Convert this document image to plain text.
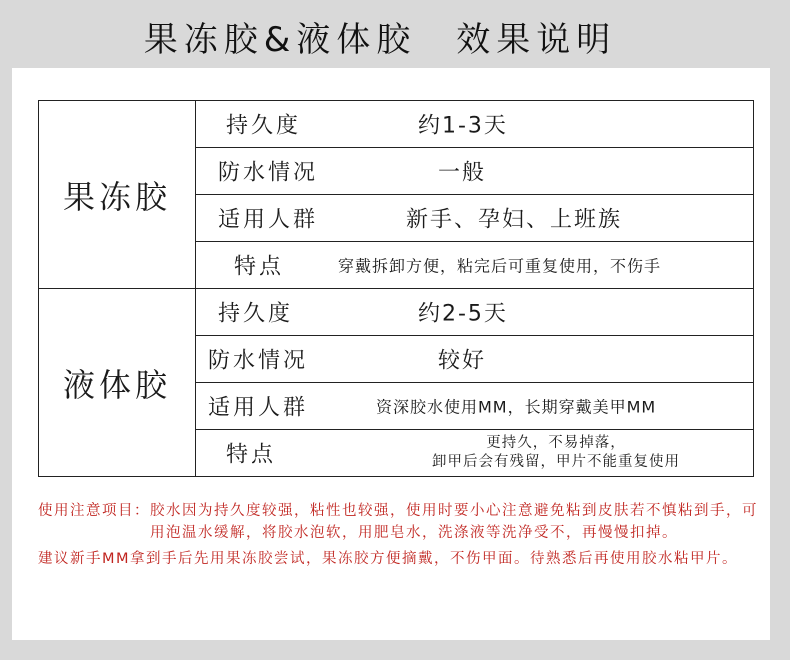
果冻胶&液体胶　效果说明
果冻胶	持久度 约1-3天

	防水情况 一般

	适用人群 新手、孕妇、上班族

	特点 穿戴拆卸方便，粘完后可重复使用，不伤手

液体胶	持久度 约2-5天

	防水情况 较好

	适用人群 资深胶水使用MM，长期穿戴美甲MM

	特点 更持久，不易掉落，
卸甲后会有残留，甲片不能重复使用
使用注意项目： 胶水因为持久度较强，粘性也较强，使用时要小心注意避免粘到皮肤若不慎粘到手，可用泡温水缓解，将胶水泡软，用肥皂水，洗涤液等洗净受不，再慢慢扣掉。
建议新手MM拿到手后先用果冻胶尝试，果冻胶方便摘戴，不伤甲面。待熟悉后再使用胶水粘甲片。
